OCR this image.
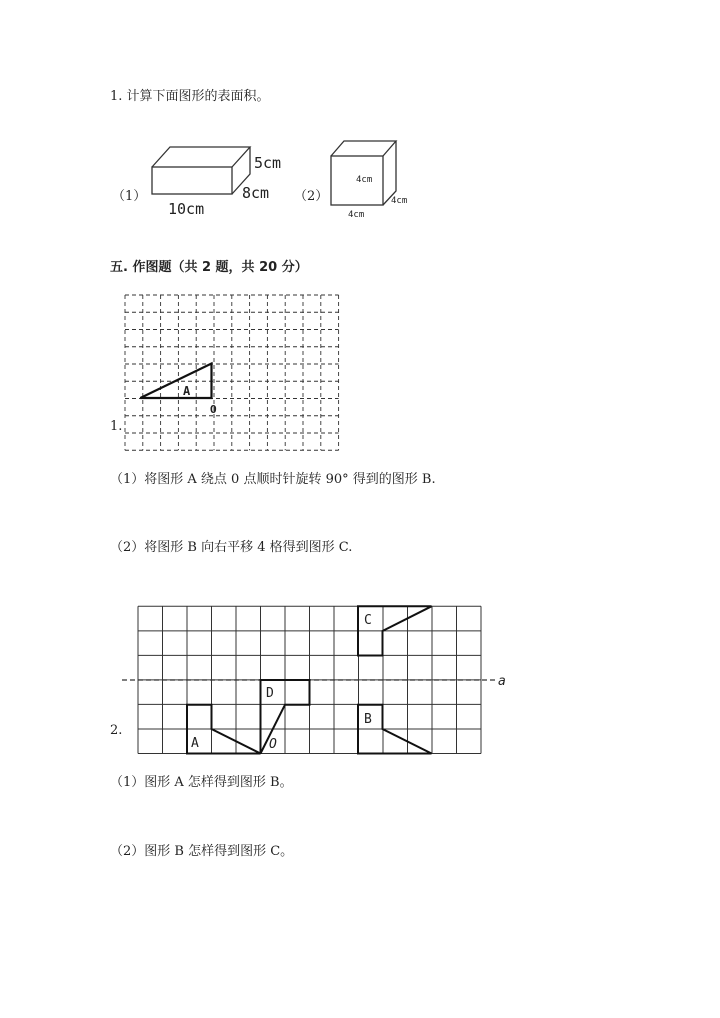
1. 计算下面图形的表面积。
（1）
5cm
8cm
10cm
（2）
4cm
4cm
4cm
五. 作图题（共 2 题，共 20 分）
A
O
1.
（1）将图形 A 绕点 0 点顺时针旋转 90° 得到的图形 B.
（2）将图形 B 向右平移 4 格得到图形 C.
a
A
B
C
D
O
2.
（1）图形 A 怎样得到图形 B。
（2）图形 B 怎样得到图形 C。
